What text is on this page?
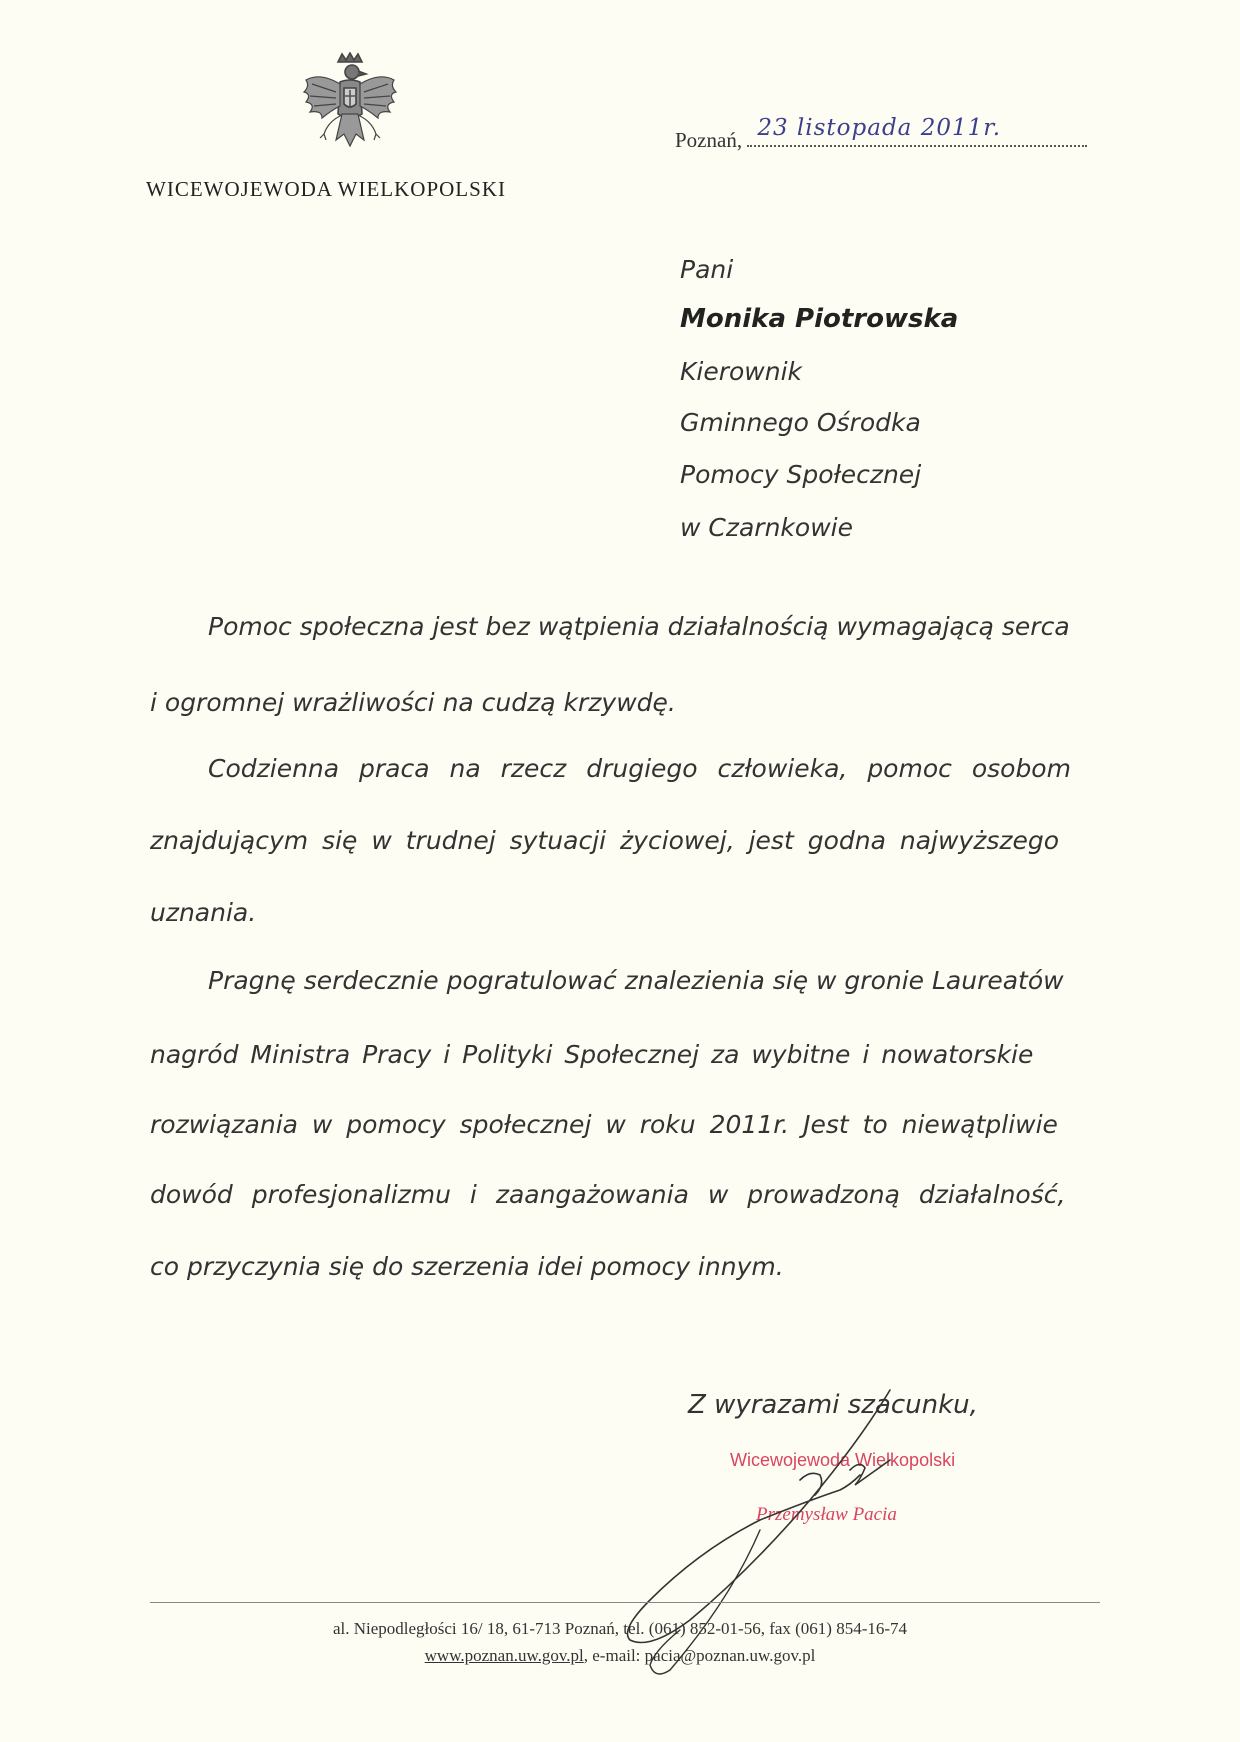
WICEWOJEWODA WIELKOPOLSKI
Poznań, 23 listopada 2011r.
Pani
Monika Piotrowska
Kierownik
Gminnego Ośrodka
Pomocy Społecznej
w Czarnkowie
Pomoc społeczna jest bez wątpienia działalnością wymagającą serca
i ogromnej wrażliwości na cudzą krzywdę.
Codzienna praca na rzecz drugiego człowieka, pomoc osobom
znajdującym się w trudnej sytuacji życiowej, jest godna najwyższego
uznania.
Pragnę serdecznie pogratulować znalezienia się w gronie Laureatów
nagród Ministra Pracy i Polityki Społecznej za wybitne i nowatorskie
rozwiązania w pomocy społecznej w roku 2011r. Jest to niewątpliwie
dowód profesjonalizmu i zaangażowania w prowadzoną działalność,
co przyczynia się do szerzenia idei pomocy innym.
Z wyrazami szacunku,
Wicewojewoda Wielkopolski
Przemysław Pacia
al. Niepodległości 16/ 18, 61-713 Poznań, tel. (061) 852-01-56, fax (061) 854-16-74
www.poznan.uw.gov.pl, e-mail: pacia@poznan.uw.gov.pl
